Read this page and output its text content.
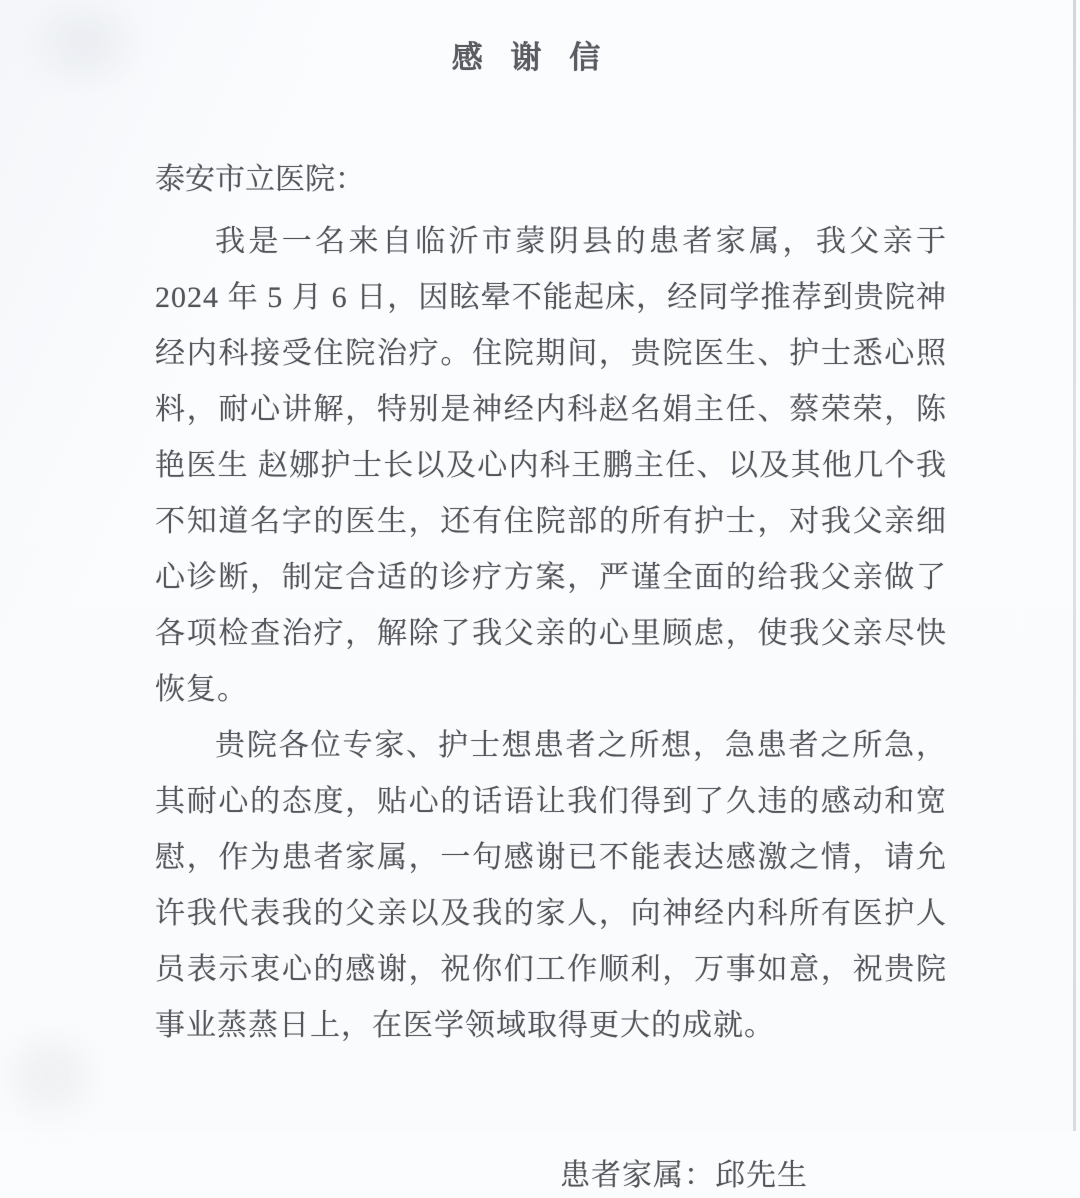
感 谢 信
泰安市立医院：

我是一名来自临沂市蒙阴县的患者家属，我父亲于 2024 年 5 月 6 日，因眩晕不能起床，经同学推荐到贵院神经内科接受住院治疗。住院期间，贵院医生、护士悉心照料，耐心讲解，特别是神经内科赵名娟主任、蔡荣荣，陈艳医生 赵娜护士长以及心内科王鹏主任、以及其他几个我不知道名字的医生，还有住院部的所有护士，对我父亲细心诊断，制定合适的诊疗方案，严谨全面的给我父亲做了各项检查治疗，解除了我父亲的心里顾虑，使我父亲尽快恢复。

贵院各位专家、护士想患者之所想，急患者之所急，其耐心的态度，贴心的话语让我们得到了久违的感动和宽慰，作为患者家属，一句感谢已不能表达感激之情，请允许我代表我的父亲以及我的家人，向神经内科所有医护人员表示衷心的感谢，祝你们工作顺利，万事如意，祝贵院事业蒸蒸日上，在医学领域取得更大的成就。

患者家属：邱先生
